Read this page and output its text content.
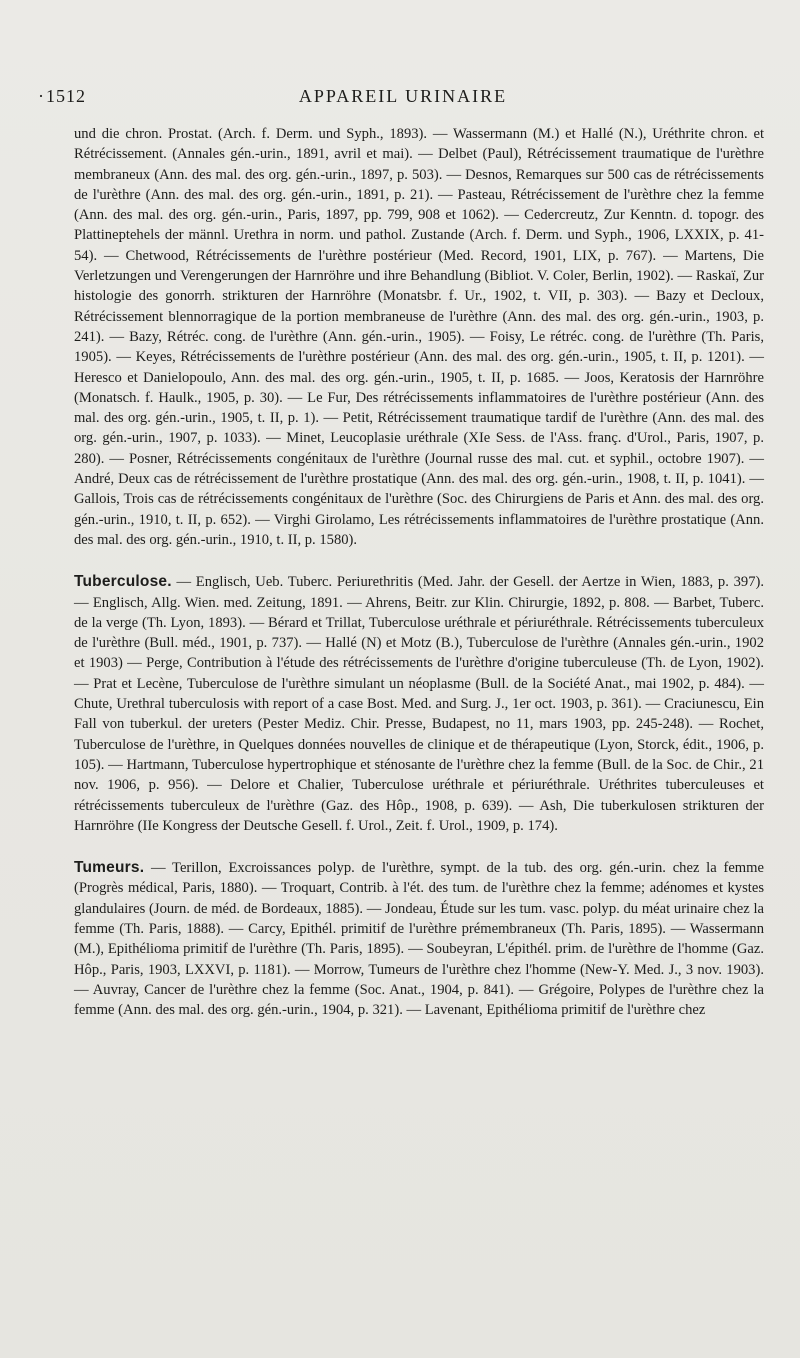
· 1512	APPAREIL URINAIRE

und die chron. Prostat. (Arch. f. Derm. und Syph., 1893). — Wassermann (M.) et Hallé (N.), Uréthrite chron. et Rétrécissement. (Annales gén.-urin., 1891, avril et mai). — Delbet (Paul), Rétrécissement traumatique de l'urèthre membraneux (Ann. des mal. des org. gén.-urin., 1897, p. 503). — Desnos, Remarques sur 500 cas de rétrécissements de l'urèthre (Ann. des mal. des org. gén.-urin., 1891, p. 21). — Pasteau, Rétrécissement de l'urèthre chez la femme (Ann. des mal. des org. gén.-urin., Paris, 1897, pp. 799, 908 et 1062). — Cedercreutz, Zur Kenntn. d. topogr. des Plattineptehels der männl. Urethra in norm. und pathol. Zustande (Arch. f. Derm. und Syph., 1906, LXXIX, p. 41-54). — Chetwood, Rétrécissements de l'urèthre postérieur (Med. Record, 1901, LIX, p. 767). — Martens, Die Verletzungen und Verengerungen der Harnröhre und ihre Behandlung (Bibliot. V. Coler, Berlin, 1902). — Raskaï, Zur histologie des gonorrh. strikturen der Harnröhre (Monatsbr. f. Ur., 1902, t. VII, p. 303). — Bazy et Decloux, Rétrécissement blennorragique de la portion membraneuse de l'urèthre (Ann. des mal. des org. gén.-urin., 1903, p. 241). — Bazy, Rétréc. cong. de l'urèthre (Ann. gén.-urin., 1905). — Foisy, Le rétréc. cong. de l'urèthre (Th. Paris, 1905). — Keyes, Rétrécissements de l'urèthre postérieur (Ann. des mal. des org. gén.-urin., 1905, t. II, p. 1201). — Heresco et Danielopoulo, Ann. des mal. des org. gén.-urin., 1905, t. II, p. 1685. — Joos, Keratosis der Harnröhre (Monatsch. f. Haulk., 1905, p. 30). — Le Fur, Des rétrécissements inflammatoires de l'urèthre postérieur (Ann. des mal. des org. gén.-urin., 1905, t. II, p. 1). — Petit, Rétrécissement traumatique tardif de l'urèthre (Ann. des mal. des org. gén.-urin., 1907, p. 1033). — Minet, Leucoplasie uréthrale (XIe Sess. de l'Ass. franç. d'Urol., Paris, 1907, p. 280). — Posner, Rétrécissements congénitaux de l'urèthre (Journal russe des mal. cut. et syphil., octobre 1907). — André, Deux cas de rétrécissement de l'urèthre prostatique (Ann. des mal. des org. gén.-urin., 1908, t. II, p. 1041). — Gallois, Trois cas de rétrécissements congénitaux de l'urèthre (Soc. des Chirurgiens de Paris et Ann. des mal. des org. gén.-urin., 1910, t. II, p. 652). — Virghi Girolamo, Les rétrécissements inflammatoires de l'urèthre prostatique (Ann. des mal. des org. gén.-urin., 1910, t. II, p. 1580).

Tuberculose. — Englisch, Ueb. Tuberc. Periurethritis (Med. Jahr. der Gesell. der Aertze in Wien, 1883, p. 397). — Englisch, Allg. Wien. med. Zeitung, 1891. — Ahrens, Beitr. zur Klin. Chirurgie, 1892, p. 808. — Barbet, Tuberc. de la verge (Th. Lyon, 1893). — Bérard et Trillat, Tuberculose uréthrale et périuréthrale. Rétrécissements tuberculeux de l'urèthre (Bull. méd., 1901, p. 737). — Hallé (N) et Motz (B.), Tuberculose de l'urèthre (Annales gén.-urin., 1902 et 1903) — Perge, Contribution à l'étude des rétrécissements de l'urèthre d'origine tuberculeuse (Th. de Lyon, 1902). — Prat et Lecène, Tuberculose de l'urèthre simulant un néoplasme (Bull. de la Société Anat., mai 1902, p. 484). — Chute, Urethral tuberculosis with report of a case Bost. Med. and Surg. J., 1er oct. 1903, p. 361). — Craciunescu, Ein Fall von tuberkul. der ureters (Pester Mediz. Chir. Presse, Budapest, no 11, mars 1903, pp. 245-248). — Rochet, Tuberculose de l'urèthre, in Quelques données nouvelles de clinique et de thérapeutique (Lyon, Storck, édit., 1906, p. 105). — Hartmann, Tuberculose hypertrophique et sténosante de l'urèthre chez la femme (Bull. de la Soc. de Chir., 21 nov. 1906, p. 956). — Delore et Chalier, Tuberculose uréthrale et périuréthrale. Uréthrites tuberculeuses et rétrécissements tuberculeux de l'urèthre (Gaz. des Hôp., 1908, p. 639). — Ash, Die tuberkulosen strikturen der Harnröhre (IIe Kongress der Deutsche Gesell. f. Urol., Zeit. f. Urol., 1909, p. 174).

Tumeurs. — Terillon, Excroissances polyp. de l'urèthre, sympt. de la tub. des org. gén.-urin. chez la femme (Progrès médical, Paris, 1880). — Troquart, Contrib. à l'ét. des tum. de l'urèthre chez la femme; adénomes et kystes glandulaires (Journ. de méd. de Bordeaux, 1885). — Jondeau, Étude sur les tum. vasc. polyp. du méat urinaire chez la femme (Th. Paris, 1888). — Carcy, Epithél. primitif de l'urèthre prémembraneux (Th. Paris, 1895). — Wassermann (M.), Epithélioma primitif de l'urèthre (Th. Paris, 1895). — Soubeyran, L'épithél. prim. de l'urèthre de l'homme (Gaz. Hôp., Paris, 1903, LXXVI, p. 1181). — Morrow, Tumeurs de l'urèthre chez l'homme (New-Y. Med. J., 3 nov. 1903). — Auvray, Cancer de l'urèthre chez la femme (Soc. Anat., 1904, p. 841). — Grégoire, Polypes de l'urèthre chez la femme (Ann. des mal. des org. gén.-urin., 1904, p. 321). — Lavenant, Epithélioma primitif de l'urèthre chez
